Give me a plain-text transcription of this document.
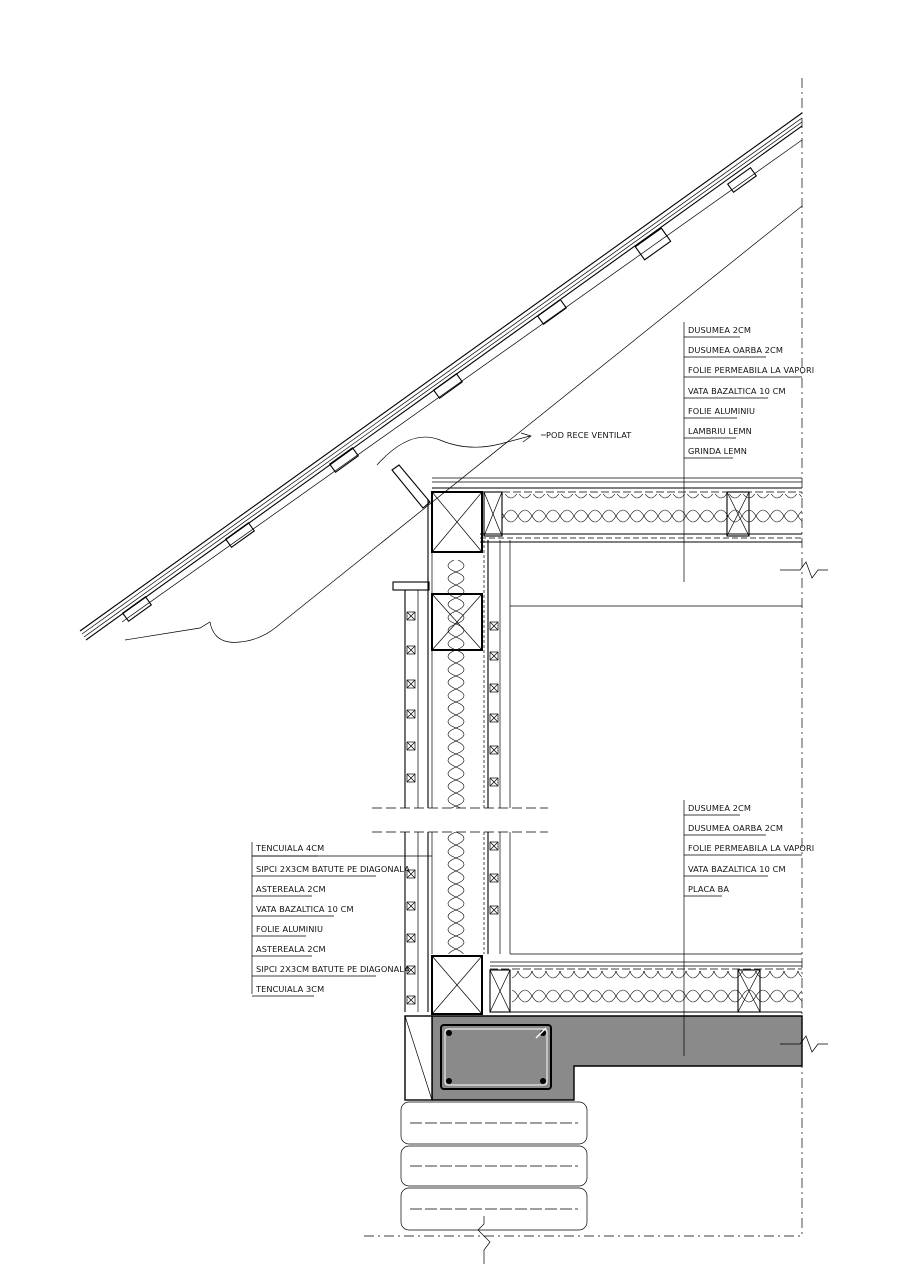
POD RECE VENTILAT
DUSUMEA 2CM
DUSUMEA OARBA 2CM
FOLIE PERMEABILA LA VAPORI
VATA BAZALTICA 10 CM
FOLIE ALUMINIU
LAMBRIU LEMN
GRINDA LEMN
DUSUMEA 2CM
DUSUMEA OARBA 2CM
FOLIE PERMEABILA LA VAPORI
VATA BAZALTICA 10 CM
PLACA BA
TENCUIALA 4CM
SIPCI 2X3CM BATUTE PE DIAGONALA
ASTEREALA 2CM
VATA BAZALTICA 10 CM
FOLIE ALUMINIU
ASTEREALA 2CM
SIPCI 2X3CM BATUTE PE DIAGONALA
TENCUIALA 3CM
